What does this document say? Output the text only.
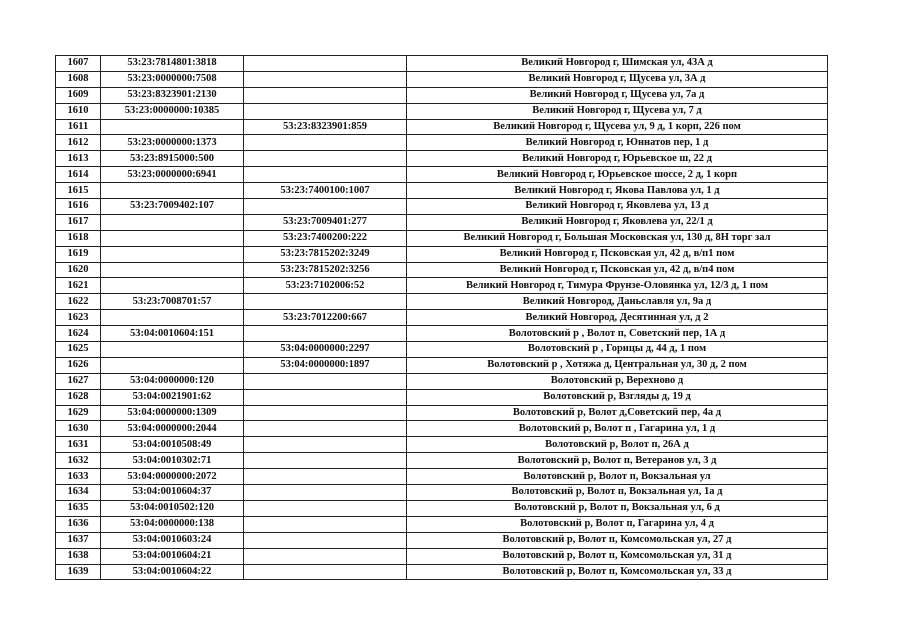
1607	53:23:7814801:3818		Великий Новгород г, Шимская ул, 43А д
1608	53:23:0000000:7508		Великий Новгород г, Щусева ул, 3А д
1609	53:23:8323901:2130		Великий Новгород г, Щусева ул, 7а д
1610	53:23:0000000:10385		Великий Новгород г, Щусева ул, 7 д
1611		53:23:8323901:859	Великий Новгород г, Щусева ул, 9 д, 1 корп, 226 пом
1612	53:23:0000000:1373		Великий Новгород г, Юннатов пер, 1 д
1613	53:23:8915000:500		Великий Новгород г, Юрьевское ш, 22 д
1614	53:23:0000000:6941		Великий Новгород г, Юрьевское шоссе, 2 д, 1 корп
1615		53:23:7400100:1007	Великий Новгород г, Якова Павлова ул, 1 д
1616	53:23:7009402:107		Великий Новгород г, Яковлева ул, 13 д
1617		53:23:7009401:277	Великий Новгород г, Яковлева ул, 22/1 д
1618		53:23:7400200:222	Великий Новгород г, Большая Московская ул, 130 д, 8Н торг зал
1619		53:23:7815202:3249	Великий Новгород г, Псковская ул, 42 д, в/п1 пом
1620		53:23:7815202:3256	Великий Новгород г, Псковская ул, 42 д, в/п4 пом
1621		53:23:7102006:52	Великий Новгород г, Тимура Фрунзе-Оловянка ул, 12/3 д, 1 пом
1622	53:23:7008701:57		Великий Новгород, Даньславля ул, 9а д
1623		53:23:7012200:667	Великий Новгород, Десятинная ул, д 2
1624	53:04:0010604:151		Волотовский р , Волот п, Советский пер, 1А д
1625		53:04:0000000:2297	Волотовский р , Горицы д, 44 д, 1 пом
1626		53:04:0000000:1897	Волотовский р , Хотяжа д, Центральная ул, 30 д, 2 пом
1627	53:04:0000000:120		Волотовский р, Верехново д
1628	53:04:0021901:62		Волотовский р, Взгляды д, 19 д
1629	53:04:0000000:1309		Волотовский р, Волот д,Советский пер, 4а д
1630	53:04:0000000:2044		Волотовский р, Волот п , Гагарина ул, 1 д
1631	53:04:0010508:49		Волотовский р, Волот п, 26А д
1632	53:04:0010302:71		Волотовский р, Волот п, Ветеранов ул, 3 д
1633	53:04:0000000:2072		Волотовский р, Волот п, Вокзальная ул
1634	53:04:0010604:37		Волотовский р, Волот п, Вокзальная ул, 1а д
1635	53:04:0010502:120		Волотовский р, Волот п, Вокзальная ул, 6 д
1636	53:04:0000000:138		Волотовский р, Волот п, Гагарина ул, 4 д
1637	53:04:0010603:24		Волотовский р, Волот п, Комсомольская ул, 27 д
1638	53:04:0010604:21		Волотовский р, Волот п, Комсомольская ул, 31 д
1639	53:04:0010604:22		Волотовский р, Волот п, Комсомольская ул, 33 д
